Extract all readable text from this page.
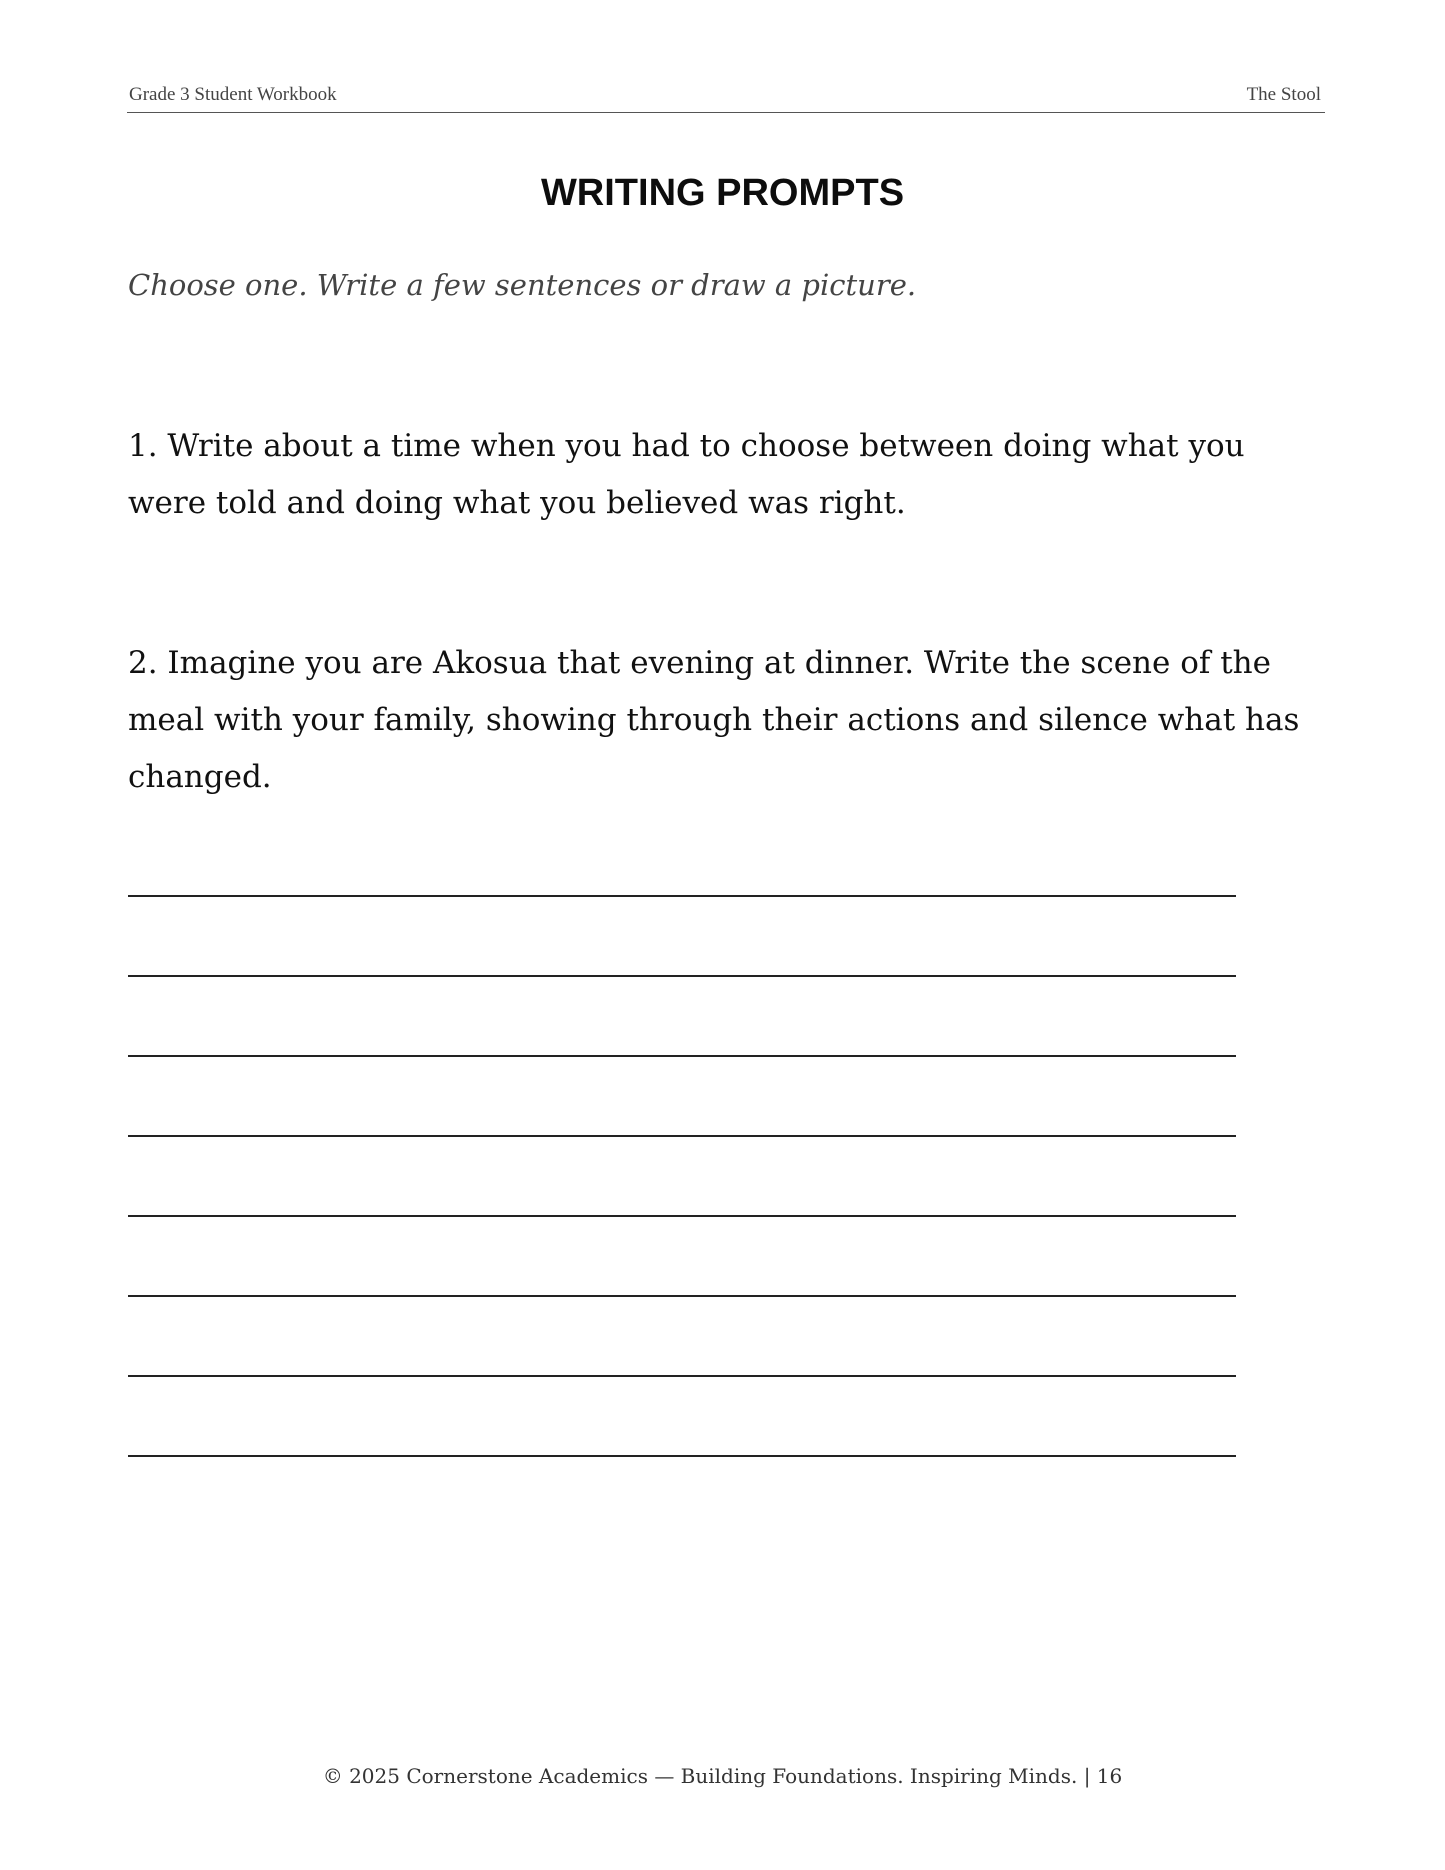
Grade 3 Student Workbook	The Stool
WRITING PROMPTS
Choose one. Write a few sentences or draw a picture.
1. Write about a time when you had to choose between doing what you were told and doing what you believed was right.
2. Imagine you are Akosua that evening at dinner. Write the scene of the meal with your family, showing through their actions and silence what has changed.
© 2025 Cornerstone Academics — Building Foundations. Inspiring Minds. | 16
